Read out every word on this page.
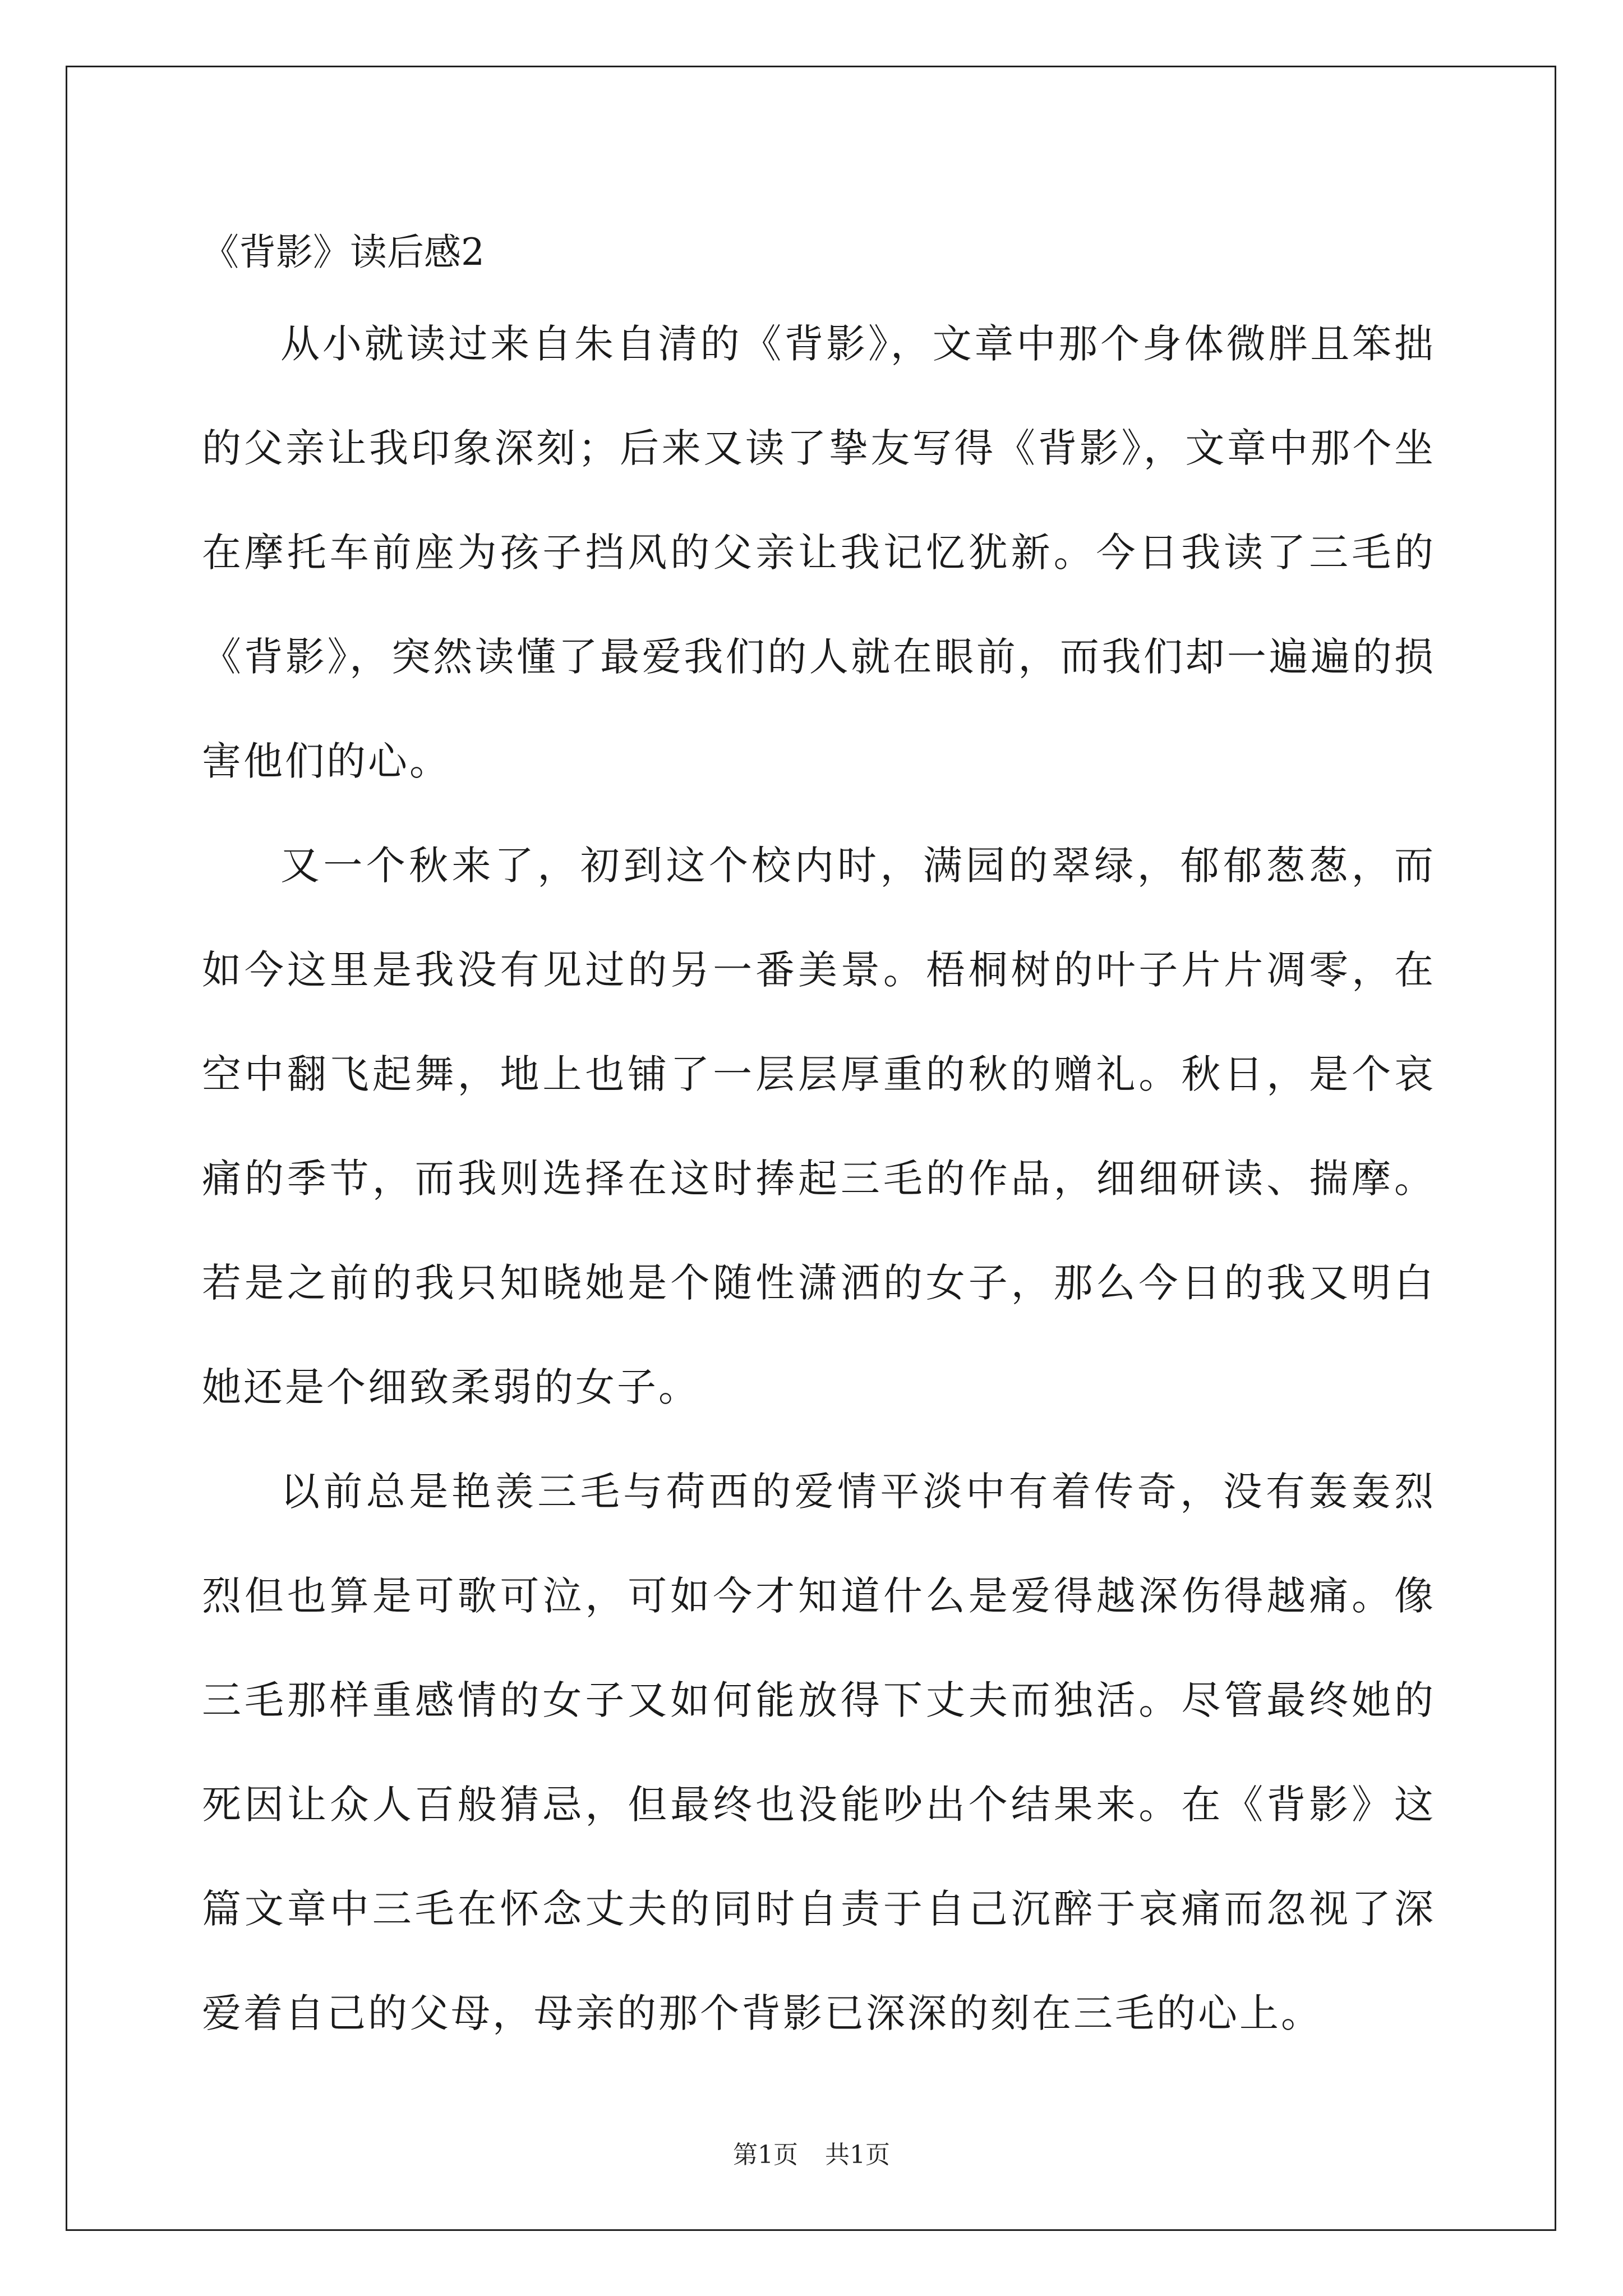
《背影》读后感2

从小就读过来自朱自清的《背影》，文章中那个身体微胖且笨拙的父亲让我印象深刻；后来又读了挚友写得《背影》，文章中那个坐在摩托车前座为孩子挡风的父亲让我记忆犹新。今日我读了三毛的《背影》，突然读懂了最爱我们的人就在眼前，而我们却一遍遍的损害他们的心。

又一个秋来了，初到这个校内时，满园的翠绿，郁郁葱葱，而如今这里是我没有见过的另一番美景。梧桐树的叶子片片凋零，在空中翻飞起舞，地上也铺了一层层厚重的秋的赠礼。秋日，是个哀痛的季节，而我则选择在这时捧起三毛的作品，细细研读、揣摩。若是之前的我只知晓她是个随性潇洒的女子，那么今日的我又明白她还是个细致柔弱的女子。

以前总是艳羡三毛与荷西的爱情平淡中有着传奇，没有轰轰烈烈但也算是可歌可泣，可如今才知道什么是爱得越深伤得越痛。像三毛那样重感情的女子又如何能放得下丈夫而独活。尽管最终她的死因让众人百般猜忌，但最终也没能吵出个结果来。在《背影》这篇文章中三毛在怀念丈夫的同时自责于自己沉醉于哀痛而忽视了深爱着自己的父母，母亲的那个背影已深深的刻在三毛的心上。

第1页 共1页
